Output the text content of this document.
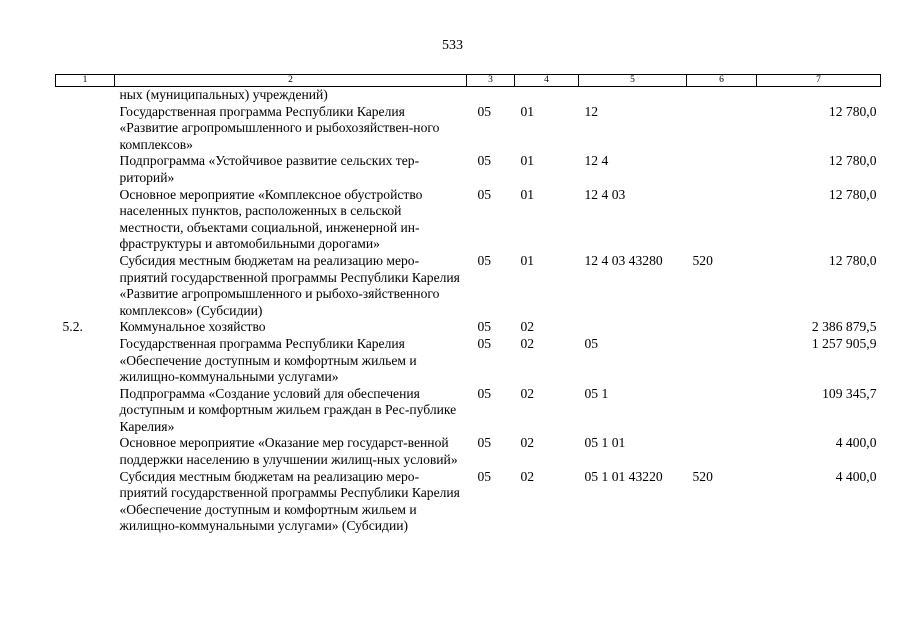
533
1	2	3	4	5	6	7
	ных (муниципальных) учреждений)					
	Государственная программа Республики Карелия «Развитие агропромышленного и рыбохозяйствен-ного комплексов»	05	01	12		12 780,0
	Подпрограмма «Устойчивое развитие сельских тер-риторий»	05	01	12 4		12 780,0
	Основное мероприятие «Комплексное обустройство населенных пунктов, расположенных в сельской местности, объектами социальной, инженерной ин-фраструктуры и автомобильными дорогами»	05	01	12 4 03		12 780,0
	Субсидия местным бюджетам на реализацию меро-приятий государственной программы Республики Карелия «Развитие агропромышленного и рыбохо-зяйственного комплексов» (Субсидии)	05	01	12 4 03 43280	520	12 780,0
5.2.	Коммунальное хозяйство	05	02			2 386 879,5
	Государственная программа Республики Карелия «Обеспечение доступным и комфортным жильем и жилищно-коммунальными услугами»	05	02	05		1 257 905,9
	Подпрограмма «Создание условий для обеспечения доступным и комфортным жильем граждан в Рес-публике Карелия»	05	02	05 1		109 345,7
	Основное мероприятие «Оказание мер государст-венной поддержки населению в улучшении жилищ-ных условий»	05	02	05 1 01		4 400,0
	Субсидия местным бюджетам на реализацию меро-приятий государственной программы Республики Карелия «Обеспечение доступным и комфортным жильем и жилищно-коммунальными услугами» (Субсидии)	05	02	05 1 01 43220	520	4 400,0
